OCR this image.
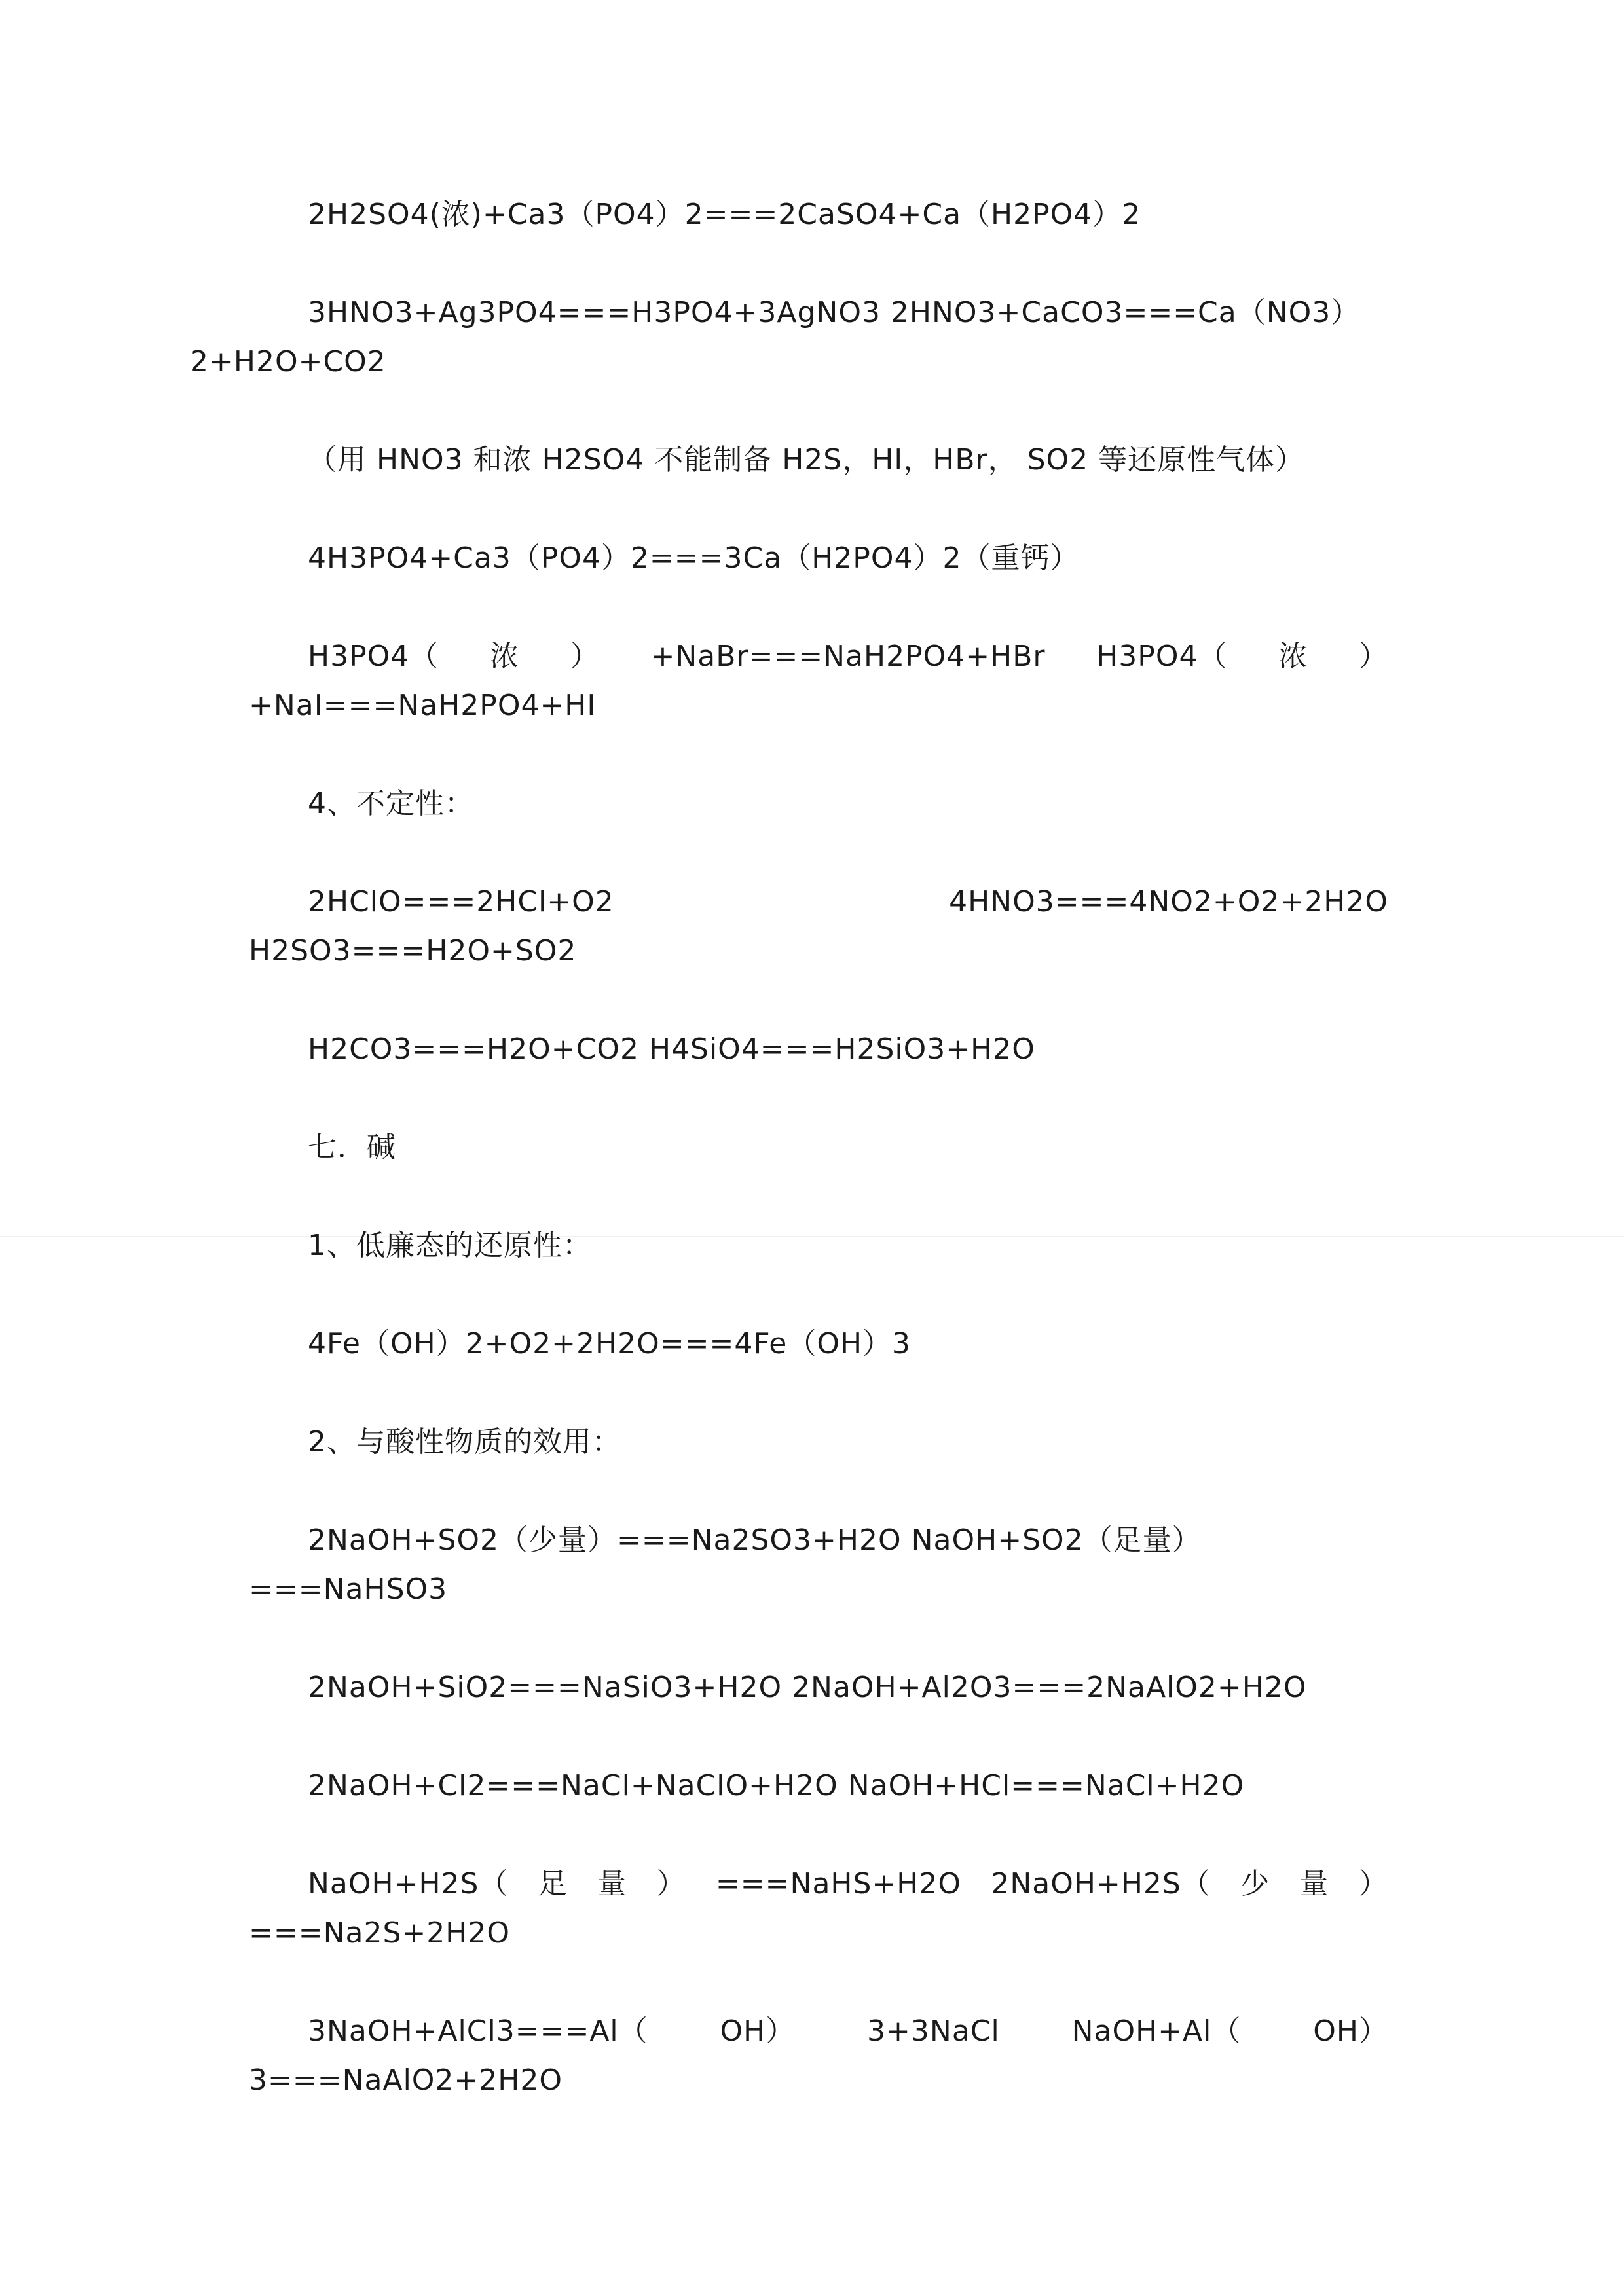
2H2SO4(浓)+Ca3（PO4）2===2CaSO4+Ca（H2PO4）2

3HNO3+Ag3PO4===H3PO4+3AgNO3 2HNO3+CaCO3===Ca（NO3）
2+H2O+CO2

（用 HNO3 和浓 H2SO4 不能制备 H2S，HI，HBr， SO2 等还原性气体）

4H3PO4+Ca3（PO4）2===3Ca（H2PO4）2（重钙）

H3PO4（ 浓 ） +NaBr===NaH2PO4+HBr H3PO4（ 浓 ）
+NaI===NaH2PO4+HI

4、不定性：

2HClO===2HCl+O2	4HNO3===4NO2+O2+2H2O
H2SO3===H2O+SO2

H2CO3===H2O+CO2 H4SiO4===H2SiO3+H2O

七．碱

1、低廉态的还原性：

4Fe（OH）2+O2+2H2O===4Fe（OH）3

2、与酸性物质的效用：

2NaOH+SO2（少量）===Na2SO3+H2O NaOH+SO2（足量）===NaHSO3

2NaOH+SiO2===NaSiO3+H2O 2NaOH+Al2O3===2NaAlO2+H2O

2NaOH+Cl2===NaCl+NaClO+H2O NaOH+HCl===NaCl+H2O

NaOH+H2S（ 足 量 ） ===NaHS+H2O 2NaOH+H2S（ 少 量 ）
===Na2S+2H2O
3NaOH+AlCl3===Al（ OH） 3+3NaCl NaOH+Al（ OH）
3===NaAlO2+2H2O
